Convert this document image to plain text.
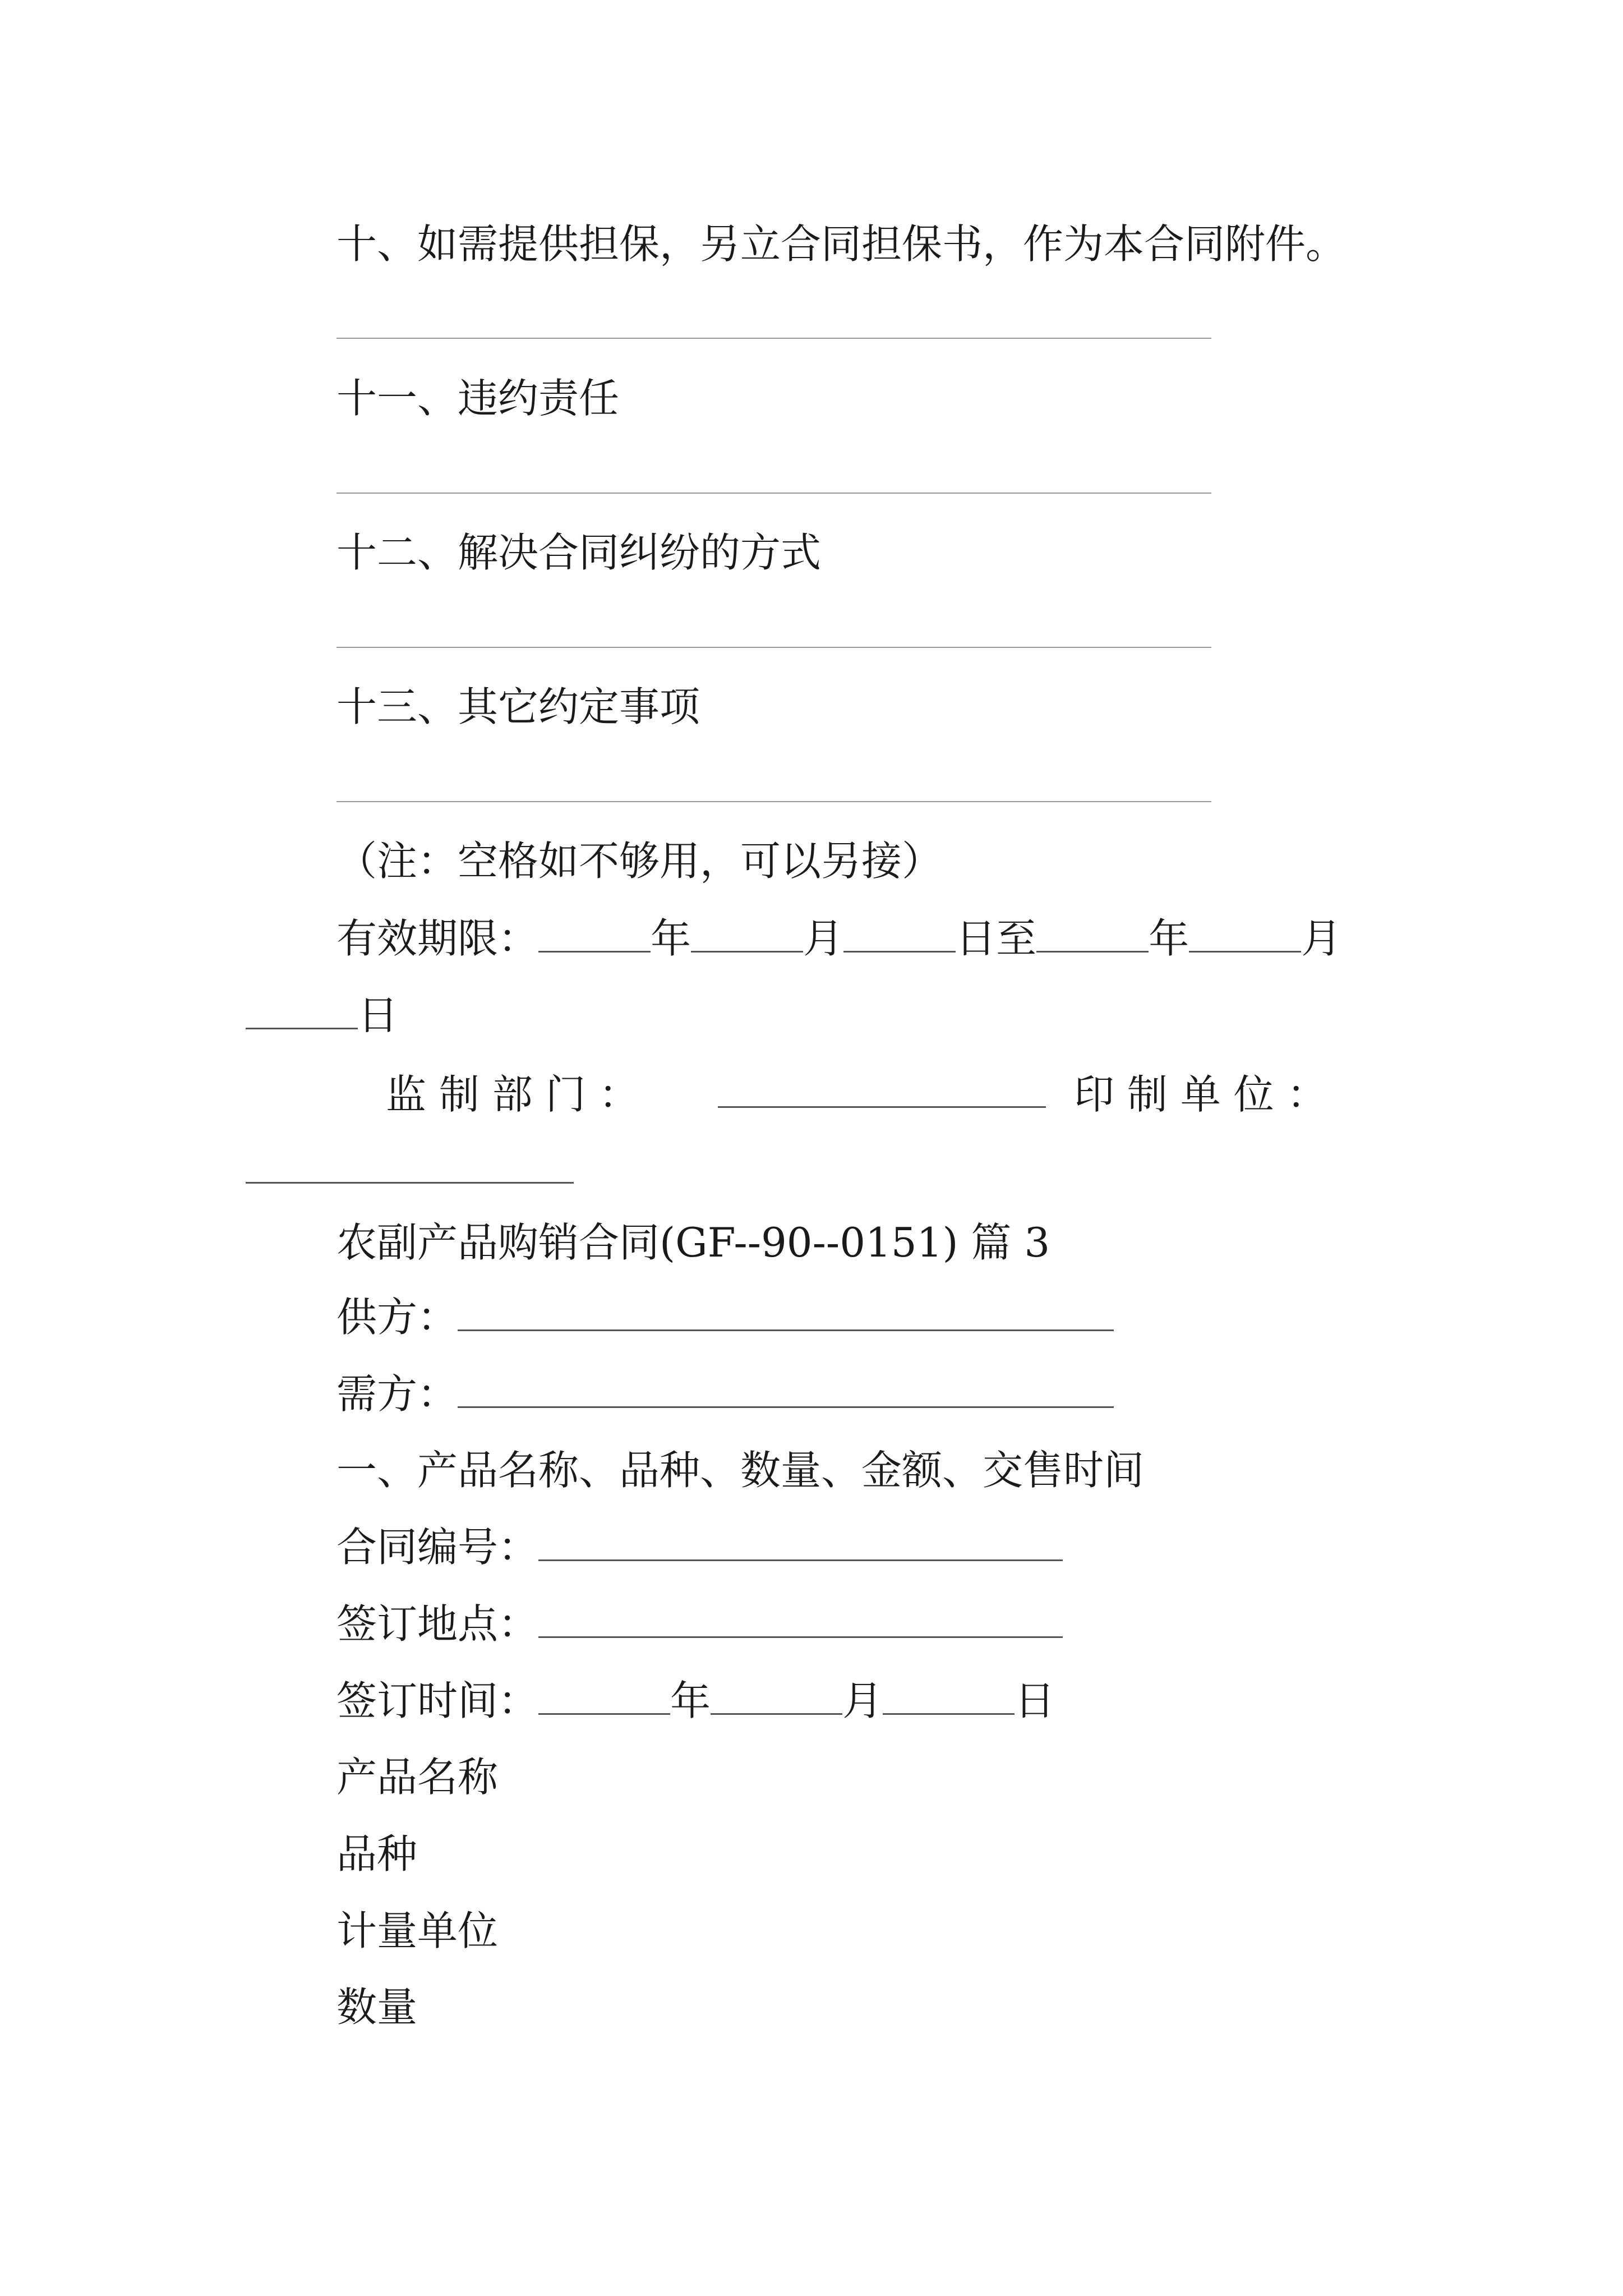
十、如需提供担保，另立合同担保书，作为本合同附件。
十一、违约责任
十二、解决合同纠纷的方式
十三、其它约定事项
（注：空格如不够用，可以另接）
有效期限：	年	月	日至	年	月
日
监 制 部 门 ：	印 制 单 位 ：
农副产品购销合同(GF--90--0151) 篇 3
供方：
需方：
一、产品名称、品种、数量、金额、交售时间
合同编号：
签订地点：
签订时间：	年	月	日
产品名称
品种
计量单位
数量
